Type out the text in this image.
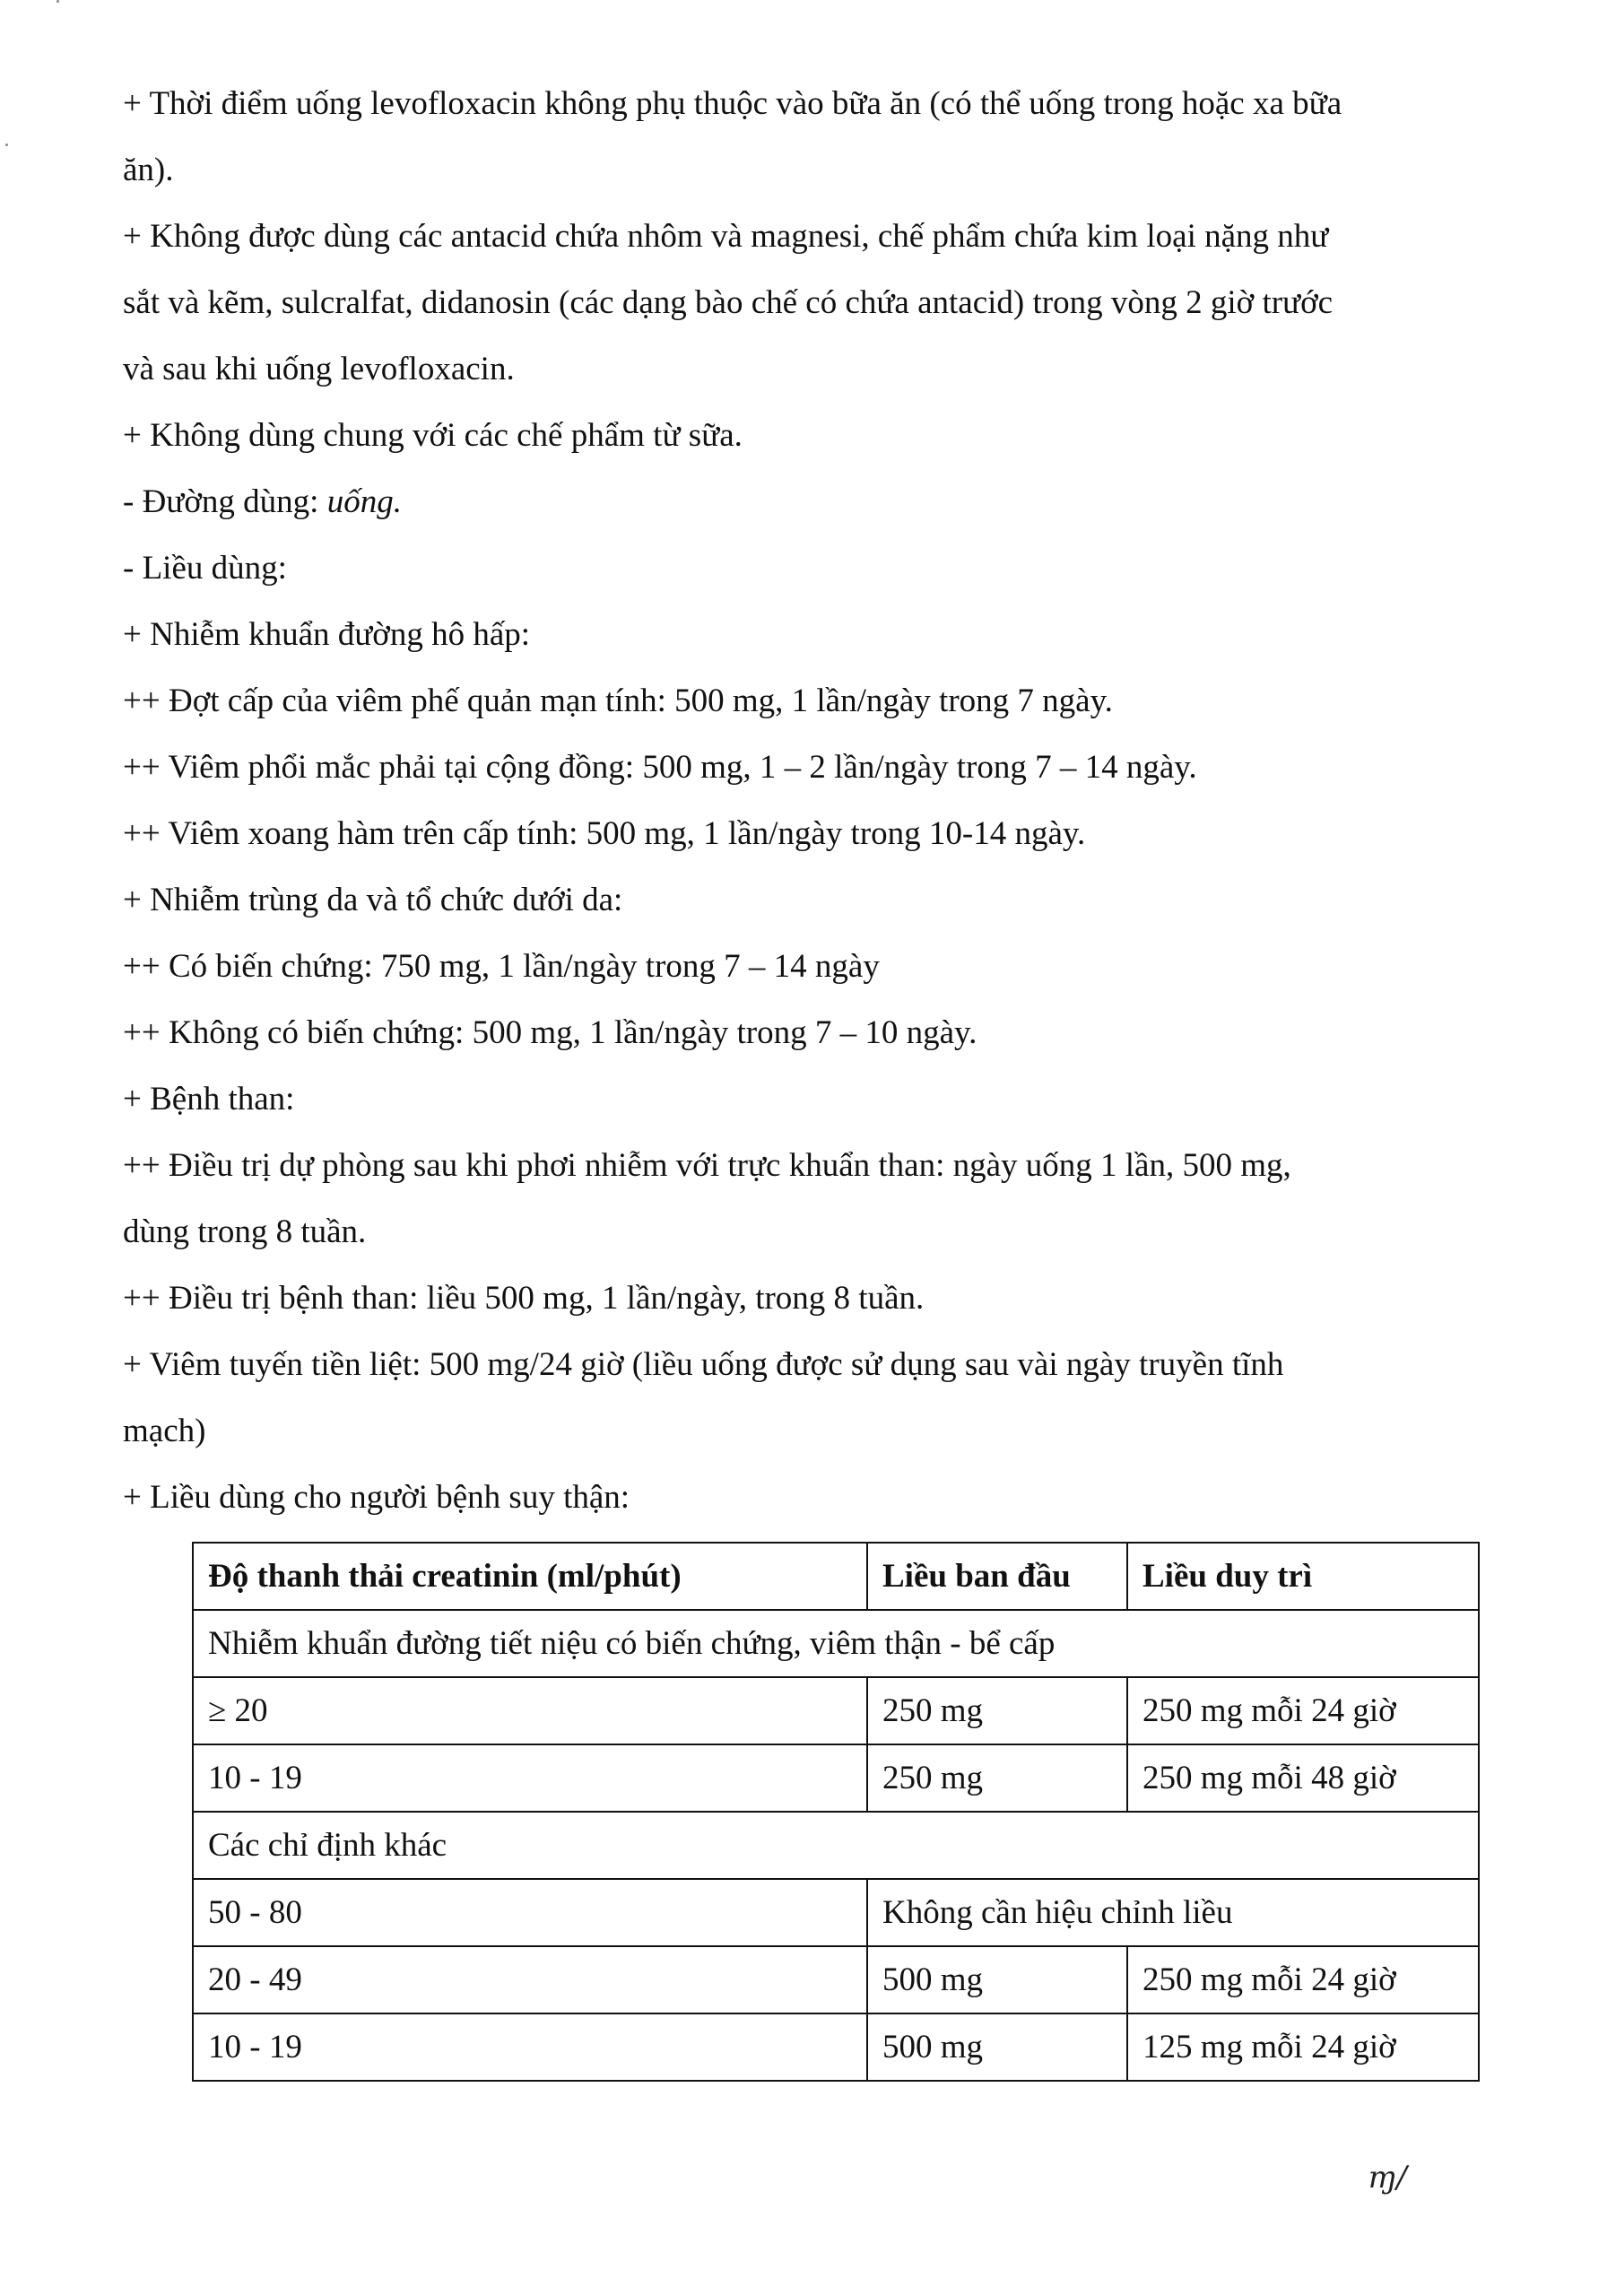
+ Thời điểm uống levofloxacin không phụ thuộc vào bữa ăn (có thể uống trong hoặc xa bữa
ăn).
+ Không được dùng các antacid chứa nhôm và magnesi, chế phẩm chứa kim loại nặng như
sắt và kẽm, sulcralfat, didanosin (các dạng bào chế có chứa antacid) trong vòng 2 giờ trước
và sau khi uống levofloxacin.
+ Không dùng chung với các chế phẩm từ sữa.
- Đường dùng: uống.
- Liều dùng:
+ Nhiễm khuẩn đường hô hấp:
++ Đợt cấp của viêm phế quản mạn tính: 500 mg, 1 lần/ngày trong 7 ngày.
++ Viêm phổi mắc phải tại cộng đồng: 500 mg, 1 – 2 lần/ngày trong 7 – 14 ngày.
++ Viêm xoang hàm trên cấp tính: 500 mg, 1 lần/ngày trong 10-14 ngày.
+ Nhiễm trùng da và tổ chức dưới da:
++ Có biến chứng: 750 mg, 1 lần/ngày trong 7 – 14 ngày
++ Không có biến chứng: 500 mg, 1 lần/ngày trong 7 – 10 ngày.
+ Bệnh than:
++ Điều trị dự phòng sau khi phơi nhiễm với trực khuẩn than: ngày uống 1 lần, 500 mg,
dùng trong 8 tuần.
++ Điều trị bệnh than: liều 500 mg, 1 lần/ngày, trong 8 tuần.
+ Viêm tuyến tiền liệt: 500 mg/24 giờ (liều uống được sử dụng sau vài ngày truyền tĩnh
mạch)
+ Liều dùng cho người bệnh suy thận:
Độ thanh thải creatinin (ml/phút)	Liều ban đầu	Liều duy trì
Nhiễm khuẩn đường tiết niệu có biến chứng, viêm thận - bể cấp		
≥ 20	250 mg	250 mg mỗi 24 giờ
10 - 19	250 mg	250 mg mỗi 48 giờ
Các chỉ định khác		
50 - 80	Không cần hiệu chỉnh liều	
20 - 49	500 mg	250 mg mỗi 24 giờ
10 - 19	500 mg	125 mg mỗi 24 giờ
ɱ/
